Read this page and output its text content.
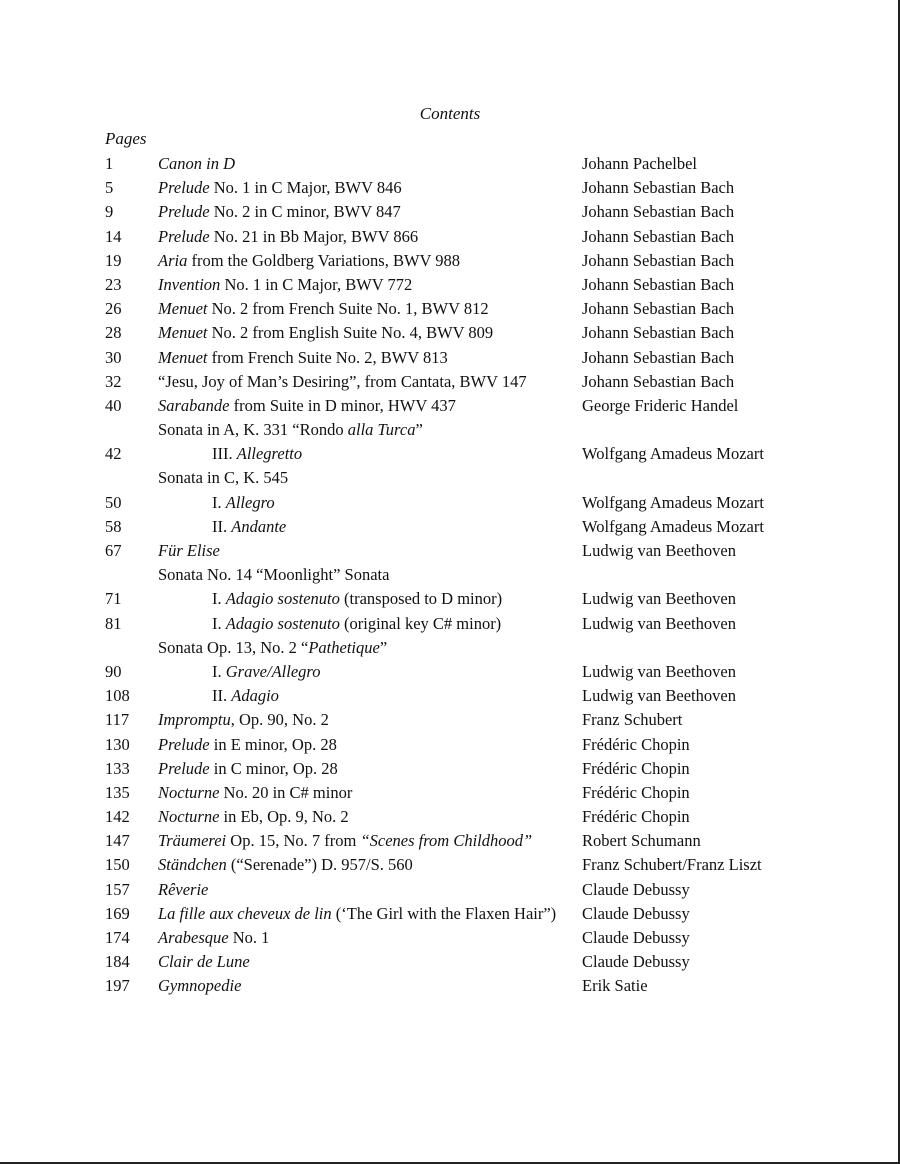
Contents
Pages
1	Canon in D	Johann Pachelbel
5	Prelude No. 1 in C Major, BWV 846	Johann Sebastian Bach
9	Prelude No. 2 in C minor, BWV 847	Johann Sebastian Bach
14 Prelude No. 21 in Bb Major, BWV 866	Johann Sebastian Bach
19 Aria from the Goldberg Variations, BWV 988	Johann Sebastian Bach
23 Invention No. 1 in C Major, BWV 772	Johann Sebastian Bach
26 Menuet No. 2 from French Suite No. 1, BWV 812	Johann Sebastian Bach
28 Menuet No. 2 from English Suite No. 4, BWV 809	Johann Sebastian Bach
30 Menuet from French Suite No. 2, BWV 813	Johann Sebastian Bach
32 “Jesu, Joy of Man’s Desiring”, from Cantata, BWV 147	Johann Sebastian Bach
40 Sarabande from Suite in D minor, HWV 437	George Frideric Handel
Sonata in A, K. 331 “Rondo alla Turca”
42	III. Allegretto	Wolfgang Amadeus Mozart
Sonata in C, K. 545
50	I. Allegro	Wolfgang Amadeus Mozart
58	II. Andante	Wolfgang Amadeus Mozart
67 Für Elise	Ludwig van Beethoven
Sonata No. 14 “Moonlight” Sonata
71	I. Adagio sostenuto (transposed to D minor)	Ludwig van Beethoven
81	I. Adagio sostenuto (original key C# minor)	Ludwig van Beethoven
Sonata Op. 13, No. 2 “Pathetique”
90	I. Grave/Allegro	Ludwig van Beethoven
108	II. Adagio	Ludwig van Beethoven
117 Impromptu, Op. 90, No. 2	Franz Schubert
130 Prelude in E minor, Op. 28	Frédéric Chopin
133 Prelude in C minor, Op. 28	Frédéric Chopin
135 Nocturne No. 20 in C# minor	Frédéric Chopin
142 Nocturne in Eb, Op. 9, No. 2	Frédéric Chopin
147 Träumerei Op. 15, No. 7 from “Scenes from Childhood”	Robert Schumann
150 Ständchen (“Serenade”) D. 957/S. 560	Franz Schubert/Franz Liszt
157 Rêverie	Claude Debussy
169 La fille aux cheveux de lin (‘The Girl with the Flaxen Hair”) Claude Debussy
174 Arabesque No. 1	Claude Debussy
184 Clair de Lune	Claude Debussy
197 Gymnopedie	Erik Satie
